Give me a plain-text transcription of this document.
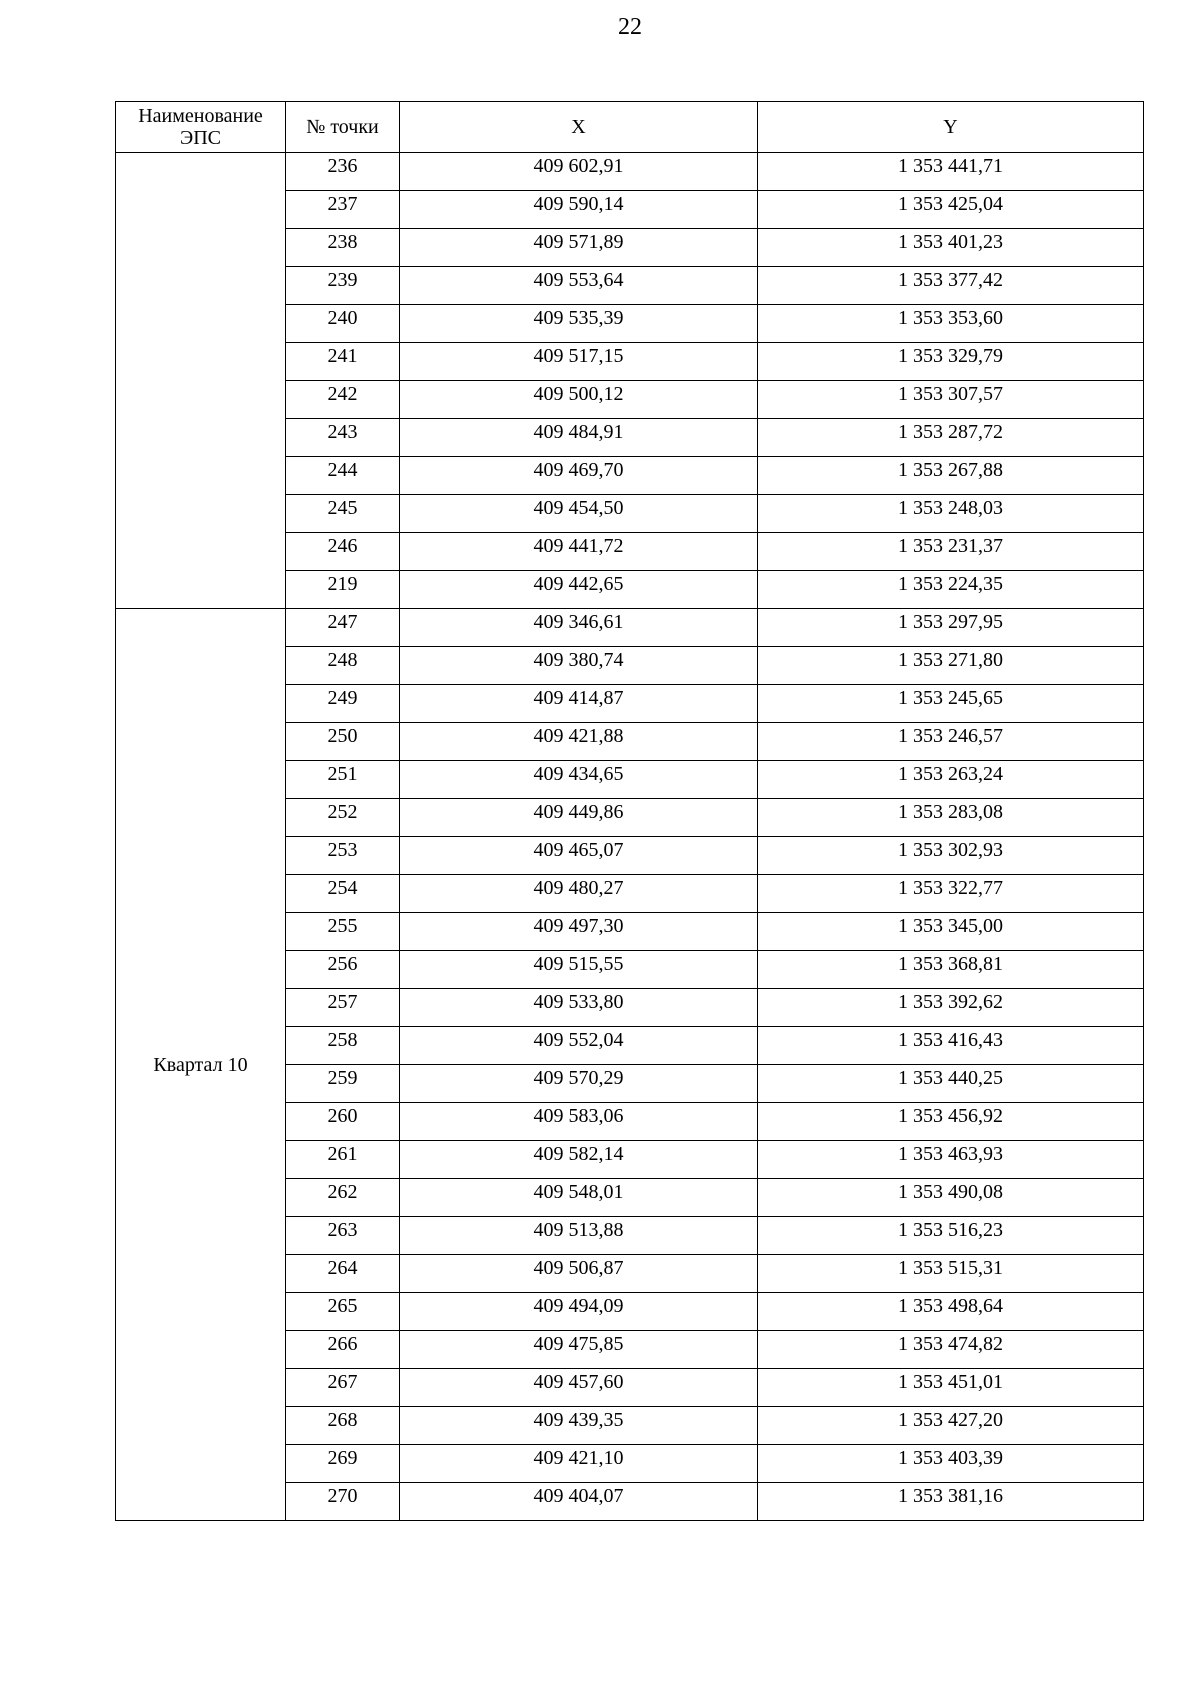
22
Наименование ЭПС	№ точки	X	Y
	236	409 602,91	1 353 441,71
	237	409 590,14	1 353 425,04
	238	409 571,89	1 353 401,23
	239	409 553,64	1 353 377,42
	240	409 535,39	1 353 353,60
	241	409 517,15	1 353 329,79
	242	409 500,12	1 353 307,57
	243	409 484,91	1 353 287,72
	244	409 469,70	1 353 267,88
	245	409 454,50	1 353 248,03
	246	409 441,72	1 353 231,37
	219	409 442,65	1 353 224,35
Квартал 10	247	409 346,61	1 353 297,95
	248	409 380,74	1 353 271,80
	249	409 414,87	1 353 245,65
	250	409 421,88	1 353 246,57
	251	409 434,65	1 353 263,24
	252	409 449,86	1 353 283,08
	253	409 465,07	1 353 302,93
	254	409 480,27	1 353 322,77
	255	409 497,30	1 353 345,00
	256	409 515,55	1 353 368,81
	257	409 533,80	1 353 392,62
	258	409 552,04	1 353 416,43
	259	409 570,29	1 353 440,25
	260	409 583,06	1 353 456,92
	261	409 582,14	1 353 463,93
	262	409 548,01	1 353 490,08
	263	409 513,88	1 353 516,23
	264	409 506,87	1 353 515,31
	265	409 494,09	1 353 498,64
	266	409 475,85	1 353 474,82
	267	409 457,60	1 353 451,01
	268	409 439,35	1 353 427,20
	269	409 421,10	1 353 403,39
	270	409 404,07	1 353 381,16
